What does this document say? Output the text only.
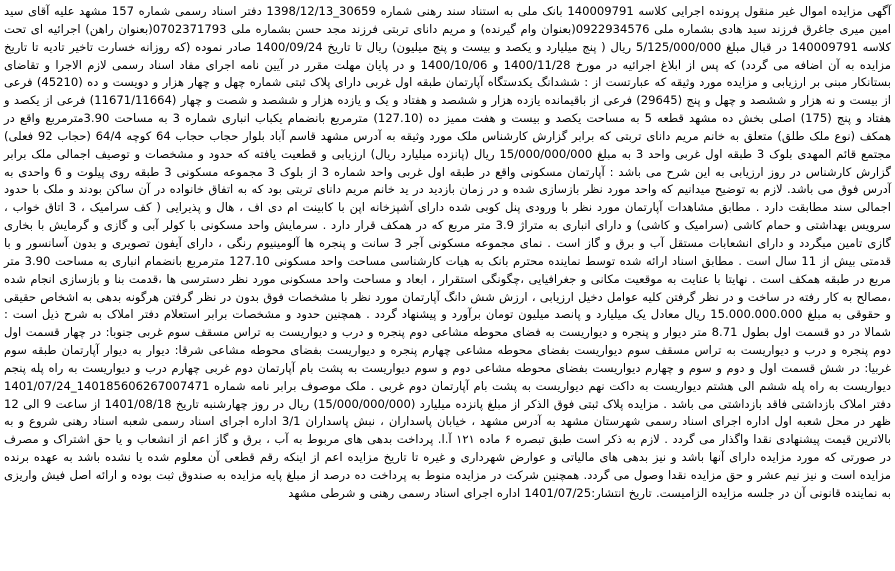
آگهی مزایده اموال غیر منقول پرونده اجرایی کلاسه 140009791 بانک ملی به استناد سند رهنی شماره 30659_1398/12/13 دفتر اسناد رسمی شماره 157 مشهد علیه آقای سید امین میری جاغرق فرزند سید هادی بشماره ملی 0922934576(بعنوان وام گیرنده) و مریم دانای تربتی فرزند مجد حسن بشماره ملی 0702371793(بعنوان راهن) اجرائیه ای تحت کلاسه 140009791 در قبال مبلغ 5/125/000/000 ریال ( پنج میلیارد و یکصد و بیست و پنج میلیون) ریال تا تاریخ 1400/09/24 صادر نموده (که روزانه خسارت تاخیر تادیه تا تاریخ مزایده به آن اضافه می گردد) که پس از ابلاغ اجرائیه در مورخ 1400/11/28 و 1400/10/06 و در پایان مهلت مقرر در آیین نامه اجرای مفاد اسناد رسمی لازم الاجرا و تقاضای بستانکار مبنی بر ارزیابی و مزایده مورد وثیقه که عبارتست از : ششدانگ یکدستگاه آپارتمان طبقه اول غربی دارای پلاک ثبتی شماره چهل و چهار هزار و دویست و ده (45210) فرعی از بیست و نه هزار و ششصد و چهل و پنج (29645) فرعی از باقیمانده یازده هزار و ششصد و هفتاد و یک و یازده هزار و ششصد و شصت و چهار (11671/11664) فرعی از یکصد و هفتاد و پنج (175) اصلی بخش ده مشهد قطعه 5 به مساحت یکصد و بیست و هفت ممیز ده (127.10) مترمربع بانضمام یکباب انباری شماره 3 به مساحت 3.90مترمربع واقع در همکف (نوع ملک طلق) متعلق به خانم مریم دانای تربتی که برابر گزارش کارشناس ملک مورد وثیقه به آدرس مشهد قاسم آباد بلوار حجاب حجاب 64 کوچه 64/4 (حجاب 92 فعلی) مجتمع قائم المهدی بلوک 3 طبقه اول غربی واحد 3 به مبلغ 15/000/000/000 ریال (پانزده میلیارد ریال) ارزیابی و قطعیت یافته که حدود و مشخصات و توصیف اجمالی ملک برابر گزارش کارشناس در روز ارزیابی به این شرح می باشد : آپارتمان مسکونی واقع در طبقه اول غربی واحد شماره 3 از بلوک 3 مجموعه مسکونی 3 طبقه روی پیلوت و 6 واحدی به آدرس فوق می باشد. لازم به توضیح میدانیم که واحد مورد نظر بازسازی شده و در زمان بازدید در ید خانم مریم دانای تربتی بود که به اتفاق خانواده در آن ساکن بودند و ملک با حدود اجمالی سند مطابقت دارد . مطابق مشاهدات آپارتمان مورد نظر با ورودی پنل کوبی شده دارای آشپزخانه اپن با کابینت ام دی اف ، هال و پذیرایی ( کف سرامیک ، 3 اتاق خواب ، سرویس بهداشتی و حمام کاشی (سرامیک و کاشی) و دارای انباری به متراژ 3.9 متر مربع که در همکف قرار دارد . سرمایش واحد مسکونی با کولر آبی و گازی و گرمایش با بخاری گازی تامین میگردد و دارای انشعابات مستقل آب و برق و گاز است . نمای مجموعه مسکونی آجر 3 سانت و پنجره ها آلومینیوم رنگی ، دارای آیفون تصویری و بدون آسانسور و با قدمتی بیش از 11 سال است . مطابق اسناد ارائه شده توسط نماینده محترم بانک به هیات کارشناسی مساحت واحد مسکونی 127.10 مترمربع بانضمام انباری به مساحت 3.90 متر مربع در طبقه همکف است . نهایتا با عنایت به موقعیت مکانی و جغرافیایی ،چگونگی استقرار ، ابعاد و مساحت واحد مسکونی مورد نظر دسترسی ها ،قدمت بنا و بازسازی انجام شده ،مصالح به کار رفته در ساخت و در نظر گرفتن کلیه عوامل دخیل ارزیابی ، ارزش شش دانگ آپارتمان مورد نظر با مشخصات فوق بدون در نظر گرفتن هرگونه بدهی به اشخاص حقیقی و حقوقی به مبلغ 15.000.000.000 ریال معادل یک میلیارد و پانصد میلیون تومان برآورد و پیشنهاد گردد . همچنین حدود و مشخصات برابر استعلام دفتر املاک به شرح ذیل است : شمالا در دو قسمت اول بطول 8.71 متر دیوار و پنجره و دیواریست به فضای محوطه مشاعی دوم پنجره و درب و دیواریست به تراس مسقف سوم غربی جنوبا: در چهار قسمت اول دوم پنجره و درب و دیواریست به تراس مسقف سوم دیواریست بفضای محوطه مشاعی چهارم پنجره و دیواریست بفضای محوطه مشاعی شرقا: دیوار به دیوار آپارتمان طبقه سوم غربیا: در شش قسمت اول و دوم و سوم و چهارم دیواریست بفضای محوطه مشاعی دوم و سوم دیواریست به پشت بام آپارتمان دوم غربی چهارم درب و دیواریست به راه پله پنجم دیواریست به راه پله ششم الی هشتم دیواریست به داکت نهم دیواریست به پشت بام آپارتمان دوم غربی . ملک موصوف برابر نامه شماره 140185606267007471_1401/07/24 دفتر املاک بازداشتی فاقد بازداشتی می باشد . مزایده پلاک ثبتی فوق الذکر از مبلغ پانزده میلیارد (15/000/000/000) ریال در روز چهارشنبه تاریخ 1401/08/18 از ساعت 9 الی 12 ظهر در محل شعبه اول اداره اجرای اسناد رسمی شهرستان مشهد به آدرس مشهد ، خیابان پاسداران ، نبش پاسداران 3/1 اداره اجرای اسناد رسمی شعبه اسناد رهنی شروع و به بالاترین قیمت پیشنهادی نقدا واگذار می گردد . لازم به ذکر است طبق تبصره ۶ ماده ۱۲۱ آ.ا. پرداخت بدهی های مربوط به آب ، برق و گاز اعم از انشعاب و یا حق اشتراک و مصرف در صورتی که مورد مزایده دارای آنها باشد و نیز بدهی های مالیاتی و عوارض شهرداری و غیره تا تاریخ مزایده اعم از اینکه رقم قطعی آن معلوم شده یا نشده باشد به عهده برنده مزایده است و نیز نیم عشر و حق مزایده نقدا وصول می گردد. همچنین شرکت در مزایده منوط به پرداخت ده درصد از مبلغ پایه مزایده به صندوق ثبت بوده و ارائه اصل فیش واریزی به نماینده قانونی آن در جلسه مزایده الزامیست. تاریخ انتشار:1401/07/25 اداره اجرای اسناد رسمی رهنی و شرطی مشهد
